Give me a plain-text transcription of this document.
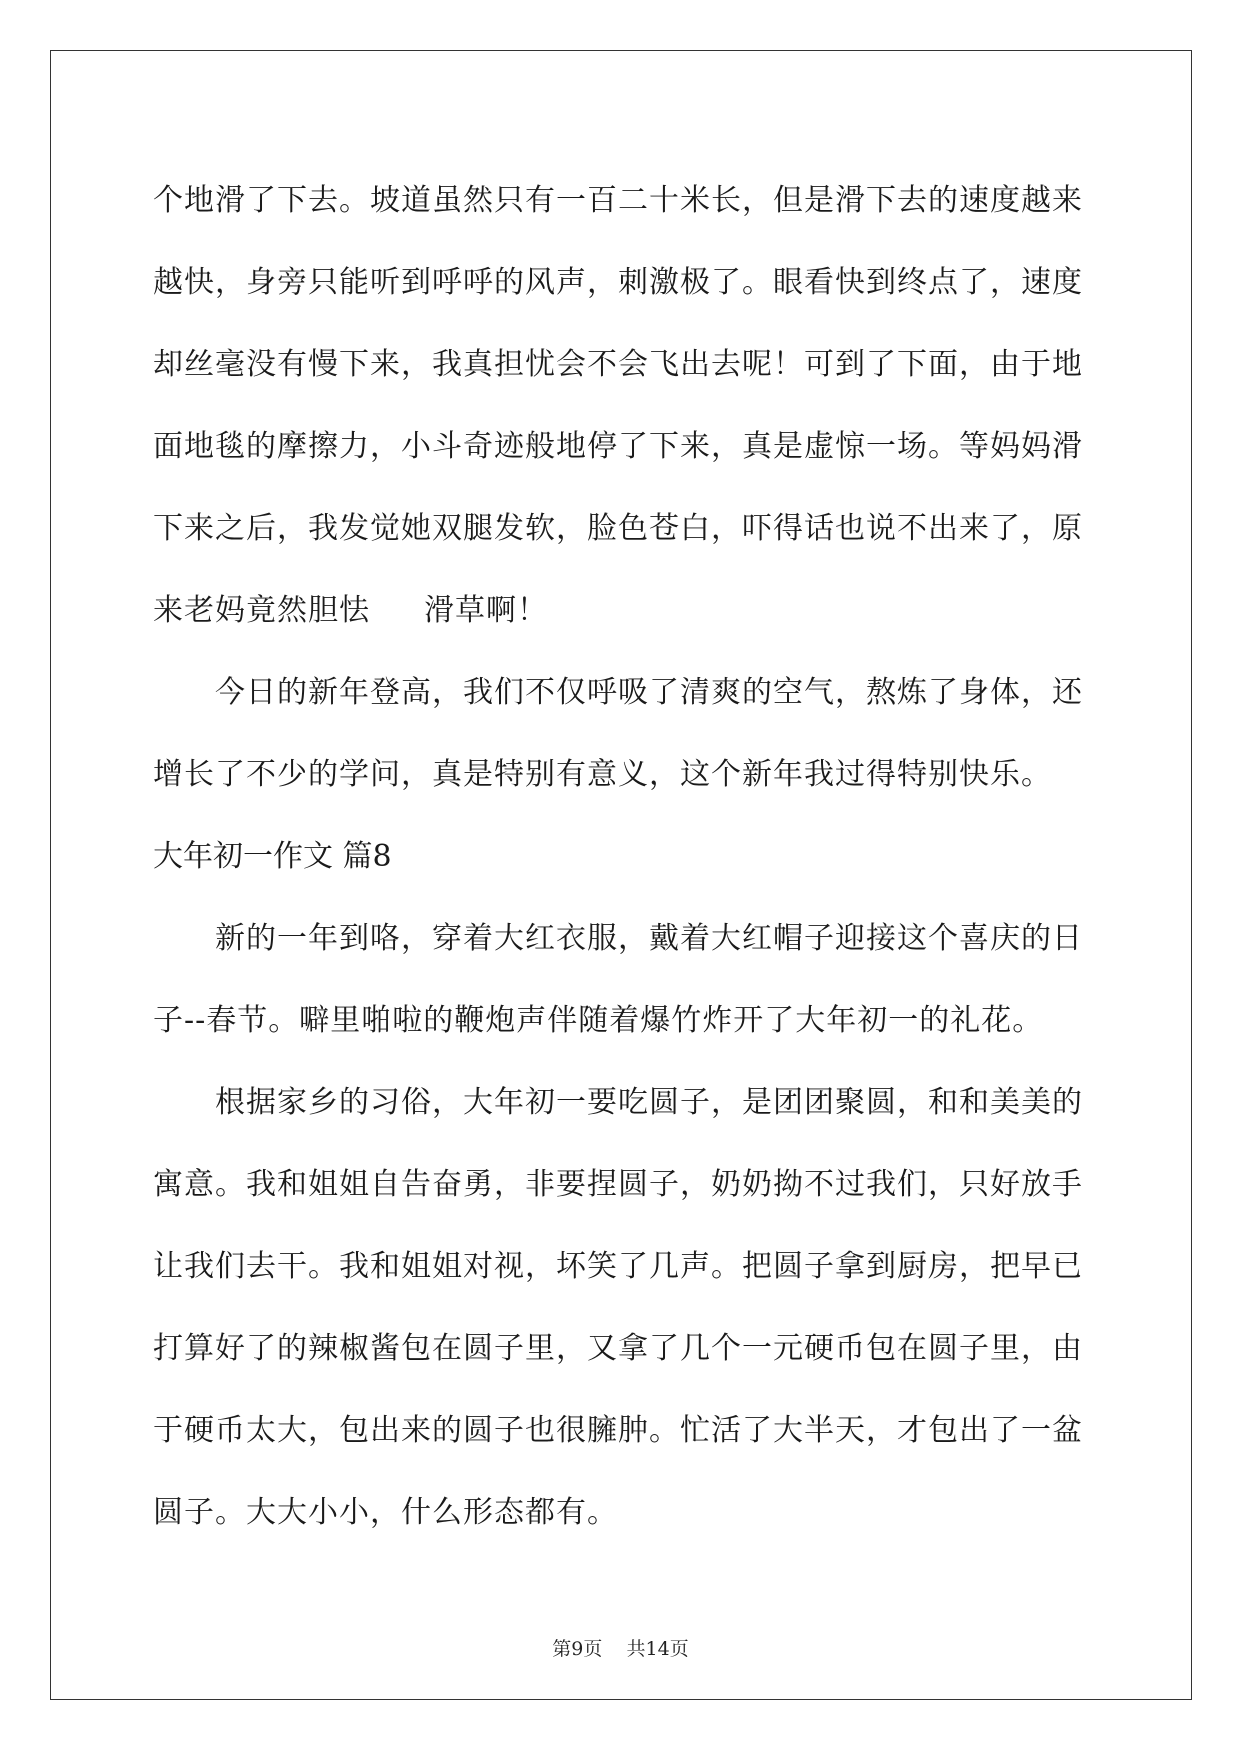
个地滑了下去。坡道虽然只有一百二十米长，但是滑下去的速度越来
越快，身旁只能听到呼呼的风声，刺激极了。眼看快到终点了，速度
却丝毫没有慢下来，我真担忧会不会飞出去呢！可到了下面，由于地
面地毯的摩擦力，小斗奇迹般地停了下来，真是虚惊一场。等妈妈滑
下来之后，我发觉她双腿发软，脸色苍白，吓得话也说不出来了，原
来老妈竟然胆怯 滑草啊！
今日的新年登高，我们不仅呼吸了清爽的空气，熬炼了身体，还
增长了不少的学问，真是特别有意义，这个新年我过得特别快乐。
大年初一作文 篇8
新的一年到咯，穿着大红衣服，戴着大红帽子迎接这个喜庆的日
子--春节。噼里啪啦的鞭炮声伴随着爆竹炸开了大年初一的礼花。
根据家乡的习俗，大年初一要吃圆子，是团团聚圆，和和美美的
寓意。我和姐姐自告奋勇，非要捏圆子，奶奶拗不过我们，只好放手
让我们去干。我和姐姐对视，坏笑了几声。把圆子拿到厨房，把早已
打算好了的辣椒酱包在圆子里，又拿了几个一元硬币包在圆子里，由
于硬币太大，包出来的圆子也很臃肿。忙活了大半天，才包出了一盆
圆子。大大小小，什么形态都有。
第9页 共14页
